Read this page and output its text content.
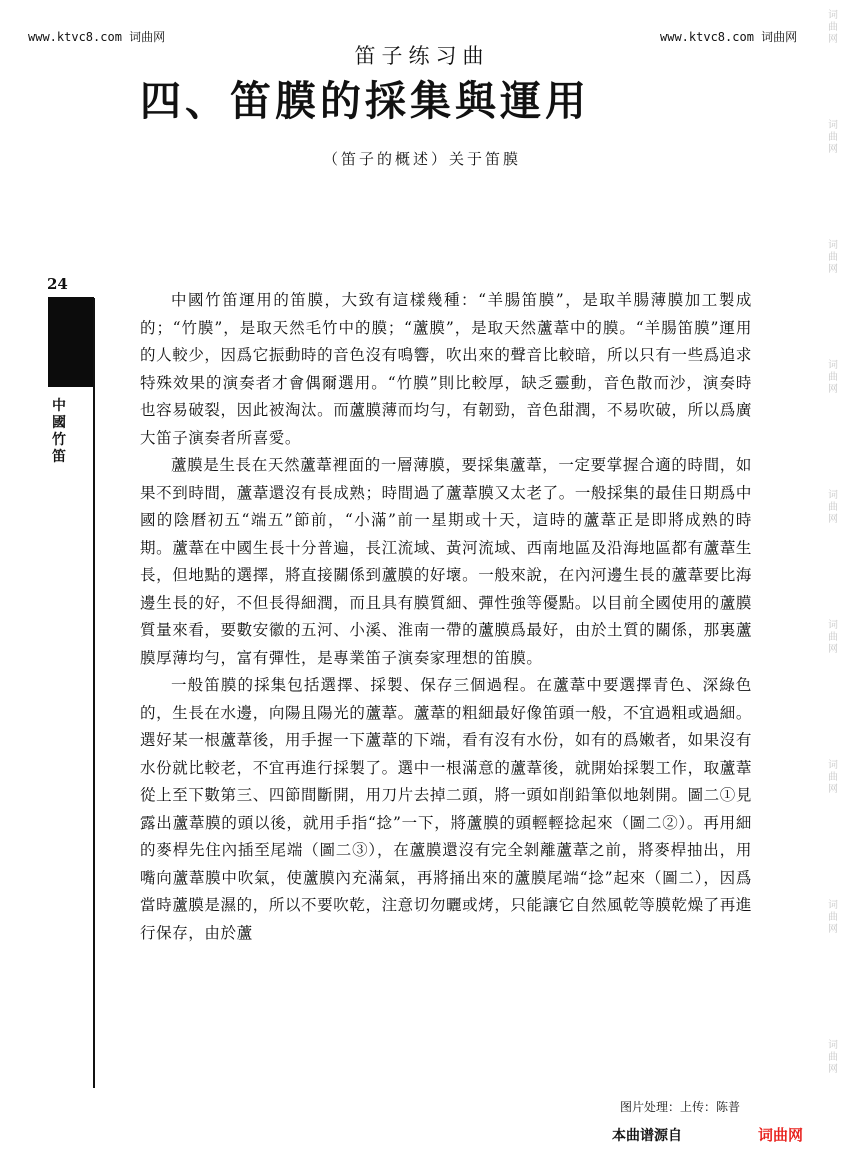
www.ktvc8.com 词曲网	www.ktvc8.com 词曲网
词
曲
网
词
曲
网
词
曲
网
词
曲
网
词
曲
网
词
曲
网
词
曲
网
词
曲
网
词
曲
网
笛子练习曲
四、笛膜的採集與運用
（笛子的概述）关于笛膜
24
中國竹笛

中國竹笛運用的笛膜，大致有這樣幾種：“羊腸笛膜”，是取羊腸薄膜加工製成的；“竹膜”，是取天然毛竹中的膜；“蘆膜”，是取天然蘆葦中的膜。“羊腸笛膜”運用的人較少，因爲它振動時的音色沒有鳴響，吹出來的聲音比較暗，所以只有一些爲追求特殊效果的演奏者才會偶爾選用。“竹膜”則比較厚，缺乏靈動，音色散而沙，演奏時也容易破裂，因此被淘汰。而蘆膜薄而均勻，有韌勁，音色甜潤，不易吹破，所以爲廣大笛子演奏者所喜愛。

蘆膜是生長在天然蘆葦裡面的一層薄膜，要採集蘆葦，一定要掌握合適的時間，如果不到時間，蘆葦還沒有長成熟；時間過了蘆葦膜又太老了。一般採集的最佳日期爲中國的陰曆初五“端五”節前，“小滿”前一星期或十天，這時的蘆葦正是即將成熟的時期。蘆葦在中國生長十分普遍，長江流域、黃河流域、西南地區及沿海地區都有蘆葦生長，但地點的選擇，將直接關係到蘆膜的好壞。一般來說，在內河邊生長的蘆葦要比海邊生長的好，不但長得細潤，而且具有膜質細、彈性強等優點。以目前全國使用的蘆膜質量來看，要數安徽的五河、小溪、淮南一帶的蘆膜爲最好，由於土質的關係，那裏蘆膜厚薄均勻，富有彈性，是專業笛子演奏家理想的笛膜。

一般笛膜的採集包括選擇、採製、保存三個過程。在蘆葦中要選擇青色、深綠色的，生長在水邊，向陽且陽光的蘆葦。蘆葦的粗細最好像笛頭一般，不宜過粗或過細。選好某一根蘆葦後，用手握一下蘆葦的下端，看有沒有水份，如有的爲嫩者，如果沒有水份就比較老，不宜再進行採製了。選中一根滿意的蘆葦後，就開始採製工作，取蘆葦從上至下數第三、四節間斷開，用刀片去掉二頭，將一頭如削鉛筆似地剝開。圖二①見露出蘆葦膜的頭以後，就用手指“捻”一下，將蘆膜的頭輕輕捻起來（圖二②）。再用細的麥桿先住內插至尾端（圖二③），在蘆膜還沒有完全剝離蘆葦之前，將麥桿抽出，用嘴向蘆葦膜中吹氣，使蘆膜內充滿氣，再將捅出來的蘆膜尾端“捻”起來（圖二），因爲當時蘆膜是濕的，所以不要吹乾，注意切勿曬或烤，只能讓它自然風乾等膜乾燥了再進行保存，由於蘆

图片处理：上传：陈普
本曲谱源自	词曲网
